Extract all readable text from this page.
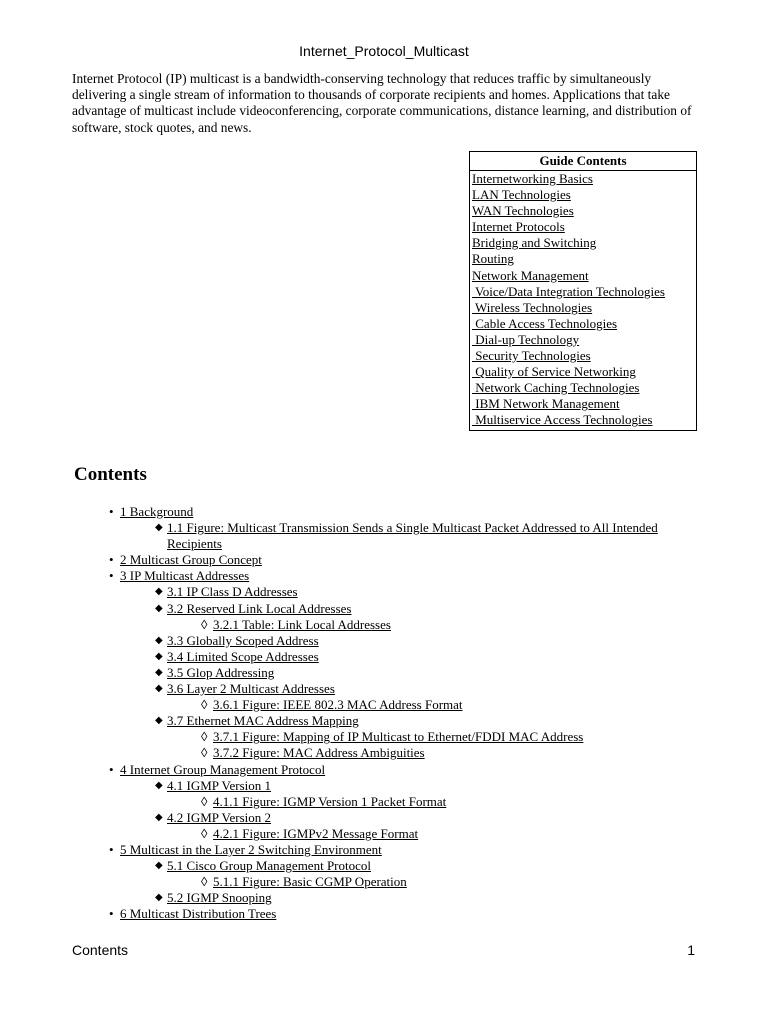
Internet_Protocol_Multicast

Internet Protocol (IP) multicast is a bandwidth-conserving technology that reduces traffic by simultaneously delivering a single stream of information to thousands of corporate recipients and homes. Applications that take advantage of multicast include videoconferencing, corporate communications, distance learning, and distribution of software, stock quotes, and news.

Guide Contents
Internetworking Basics
LAN Technologies
WAN Technologies
Internet Protocols
Bridging and Switching
Routing
Network Management
Voice/Data Integration Technologies
Wireless Technologies
Cable Access Technologies
Dial-up Technology
Security Technologies
Quality of Service Networking
Network Caching Technologies
IBM Network Management
Multiservice Access Technologies
Contents
• 1 Background
◆ 1.1 Figure: Multicast Transmission Sends a Single Multicast Packet Addressed to All Intended Recipients
• 2 Multicast Group Concept
• 3 IP Multicast Addresses
◆ 3.1 IP Class D Addresses
◆ 3.2 Reserved Link Local Addresses
◊ 3.2.1 Table: Link Local Addresses
◆ 3.3 Globally Scoped Address
◆ 3.4 Limited Scope Addresses
◆ 3.5 Glop Addressing
◆ 3.6 Layer 2 Multicast Addresses
◊ 3.6.1 Figure: IEEE 802.3 MAC Address Format
◆ 3.7 Ethernet MAC Address Mapping
◊ 3.7.1 Figure: Mapping of IP Multicast to Ethernet/FDDI MAC Address
◊ 3.7.2 Figure: MAC Address Ambiguities
• 4 Internet Group Management Protocol
◆ 4.1 IGMP Version 1
◊ 4.1.1 Figure: IGMP Version 1 Packet Format
◆ 4.2 IGMP Version 2
◊ 4.2.1 Figure: IGMPv2 Message Format
• 5 Multicast in the Layer 2 Switching Environment
◆ 5.1 Cisco Group Management Protocol
◊ 5.1.1 Figure: Basic CGMP Operation
◆ 5.2 IGMP Snooping
• 6 Multicast Distribution Trees
Contents	1
